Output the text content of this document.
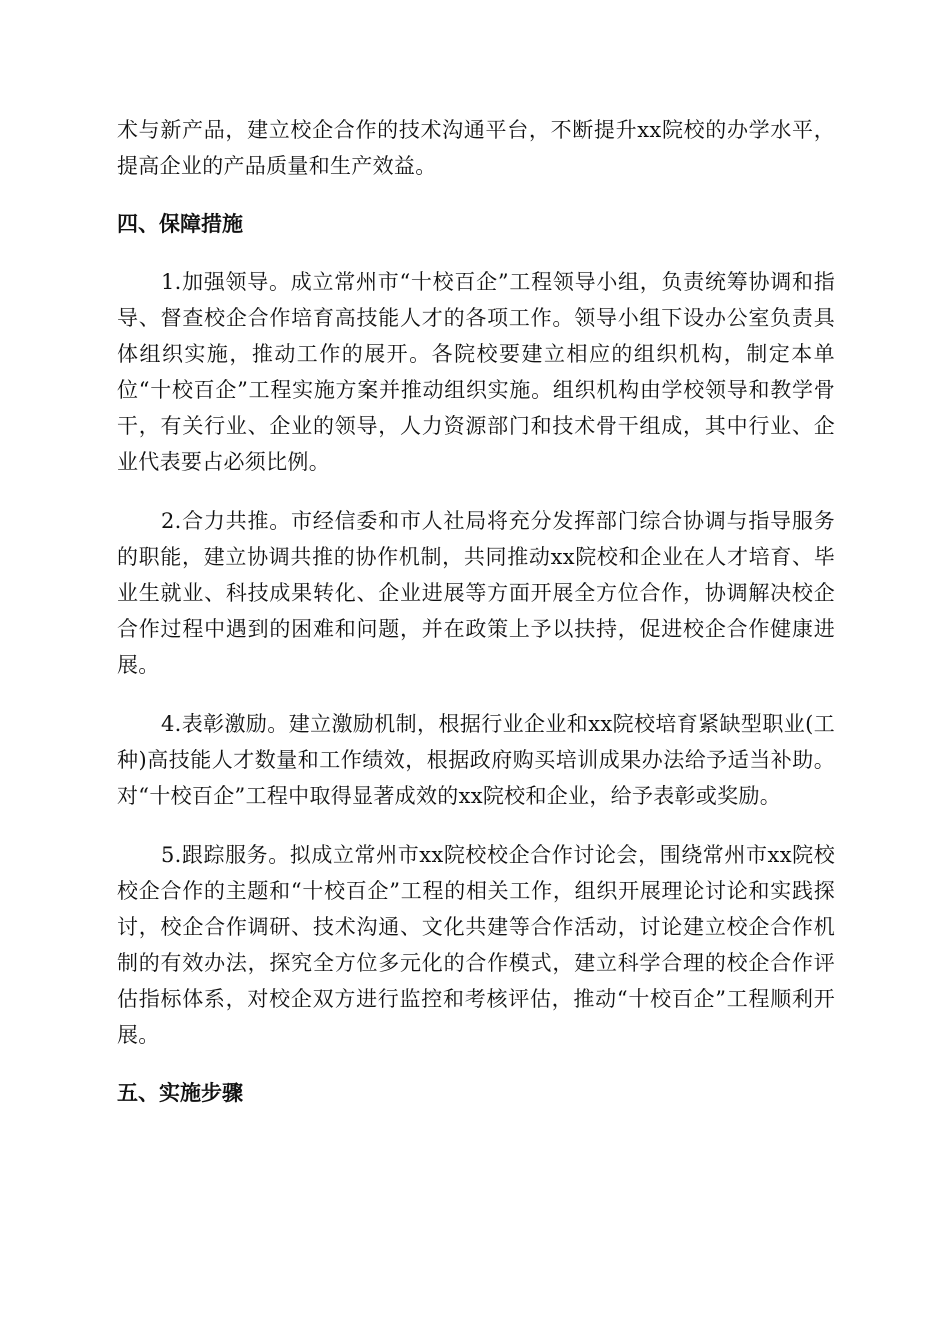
术与新产品，建立校企合作的技术沟通平台，不断提升xx院校的办学水平，提高企业的产品质量和生产效益。

四、保障措施

1.加强领导。成立常州市“十校百企”工程领导小组，负责统筹协调和指导、督查校企合作培育高技能人才的各项工作。领导小组下设办公室负责具体组织实施，推动工作的展开。各院校要建立相应的组织机构，制定本单位“十校百企”工程实施方案并推动组织实施。组织机构由学校领导和教学骨干，有关行业、企业的领导，人力资源部门和技术骨干组成，其中行业、企业代表要占必须比例。

2.合力共推。市经信委和市人社局将充分发挥部门综合协调与指导服务的职能，建立协调共推的协作机制，共同推动xx院校和企业在人才培育、毕业生就业、科技成果转化、企业进展等方面开展全方位合作，协调解决校企合作过程中遇到的困难和问题，并在政策上予以扶持，促进校企合作健康进展。

4.表彰激励。建立激励机制，根据行业企业和xx院校培育紧缺型职业(工种)高技能人才数量和工作绩效，根据政府购买培训成果办法给予适当补助。对“十校百企”工程中取得显著成效的xx院校和企业，给予表彰或奖励。

5.跟踪服务。拟成立常州市xx院校校企合作讨论会，围绕常州市xx院校校企合作的主题和“十校百企”工程的相关工作，组织开展理论讨论和实践探讨，校企合作调研、技术沟通、文化共建等合作活动，讨论建立校企合作机制的有效办法，探究全方位多元化的合作模式，建立科学合理的校企合作评估指标体系，对校企双方进行监控和考核评估，推动“十校百企”工程顺利开展。

五、实施步骤
